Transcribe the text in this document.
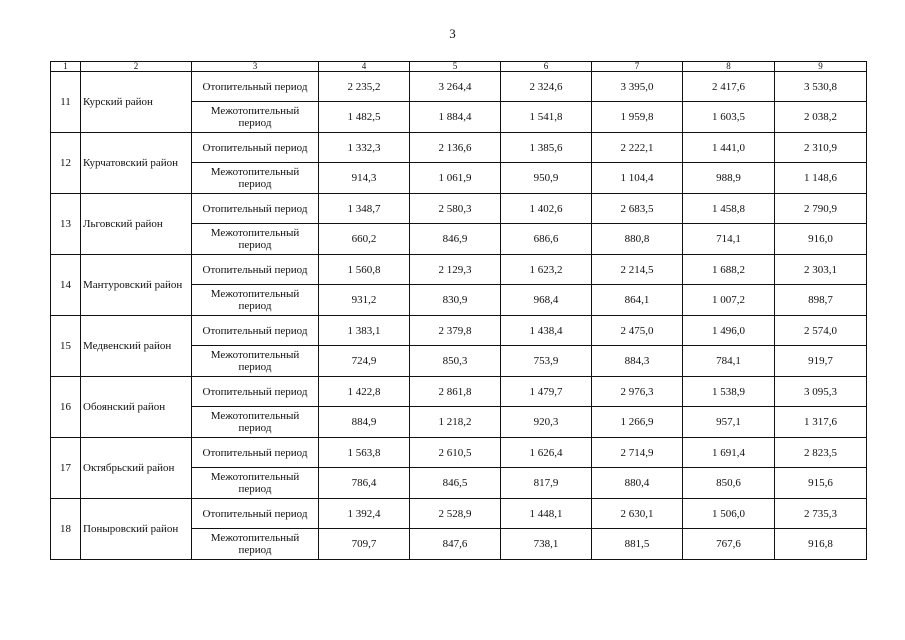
3
1	2	3	4	5	6	7	8	9
11	Курский район	Отопительный период	2 235,2	3 264,4	2 324,6	3 395,0	2 417,6	3 530,8
		Межотопительный период	1 482,5	1 884,4	1 541,8	1 959,8	1 603,5	2 038,2
12	Курчатовский район	Отопительный период	1 332,3	2 136,6	1 385,6	2 222,1	1 441,0	2 310,9
		Межотопительный период	914,3	1 061,9	950,9	1 104,4	988,9	1 148,6
13	Льговский район	Отопительный период	1 348,7	2 580,3	1 402,6	2 683,5	1 458,8	2 790,9
		Межотопительный период	660,2	846,9	686,6	880,8	714,1	916,0
14	Мантуровский район	Отопительный период	1 560,8	2 129,3	1 623,2	2 214,5	1 688,2	2 303,1
		Межотопительный период	931,2	830,9	968,4	864,1	1 007,2	898,7
15	Медвенский район	Отопительный период	1 383,1	2 379,8	1 438,4	2 475,0	1 496,0	2 574,0
		Межотопительный период	724,9	850,3	753,9	884,3	784,1	919,7
16	Обоянский район	Отопительный период	1 422,8	2 861,8	1 479,7	2 976,3	1 538,9	3 095,3
		Межотопительный период	884,9	1 218,2	920,3	1 266,9	957,1	1 317,6
17	Октябрьский район	Отопительный период	1 563,8	2 610,5	1 626,4	2 714,9	1 691,4	2 823,5
		Межотопительный период	786,4	846,5	817,9	880,4	850,6	915,6
18	Поныровский район	Отопительный период	1 392,4	2 528,9	1 448,1	2 630,1	1 506,0	2 735,3
		Межотопительный период	709,7	847,6	738,1	881,5	767,6	916,8
